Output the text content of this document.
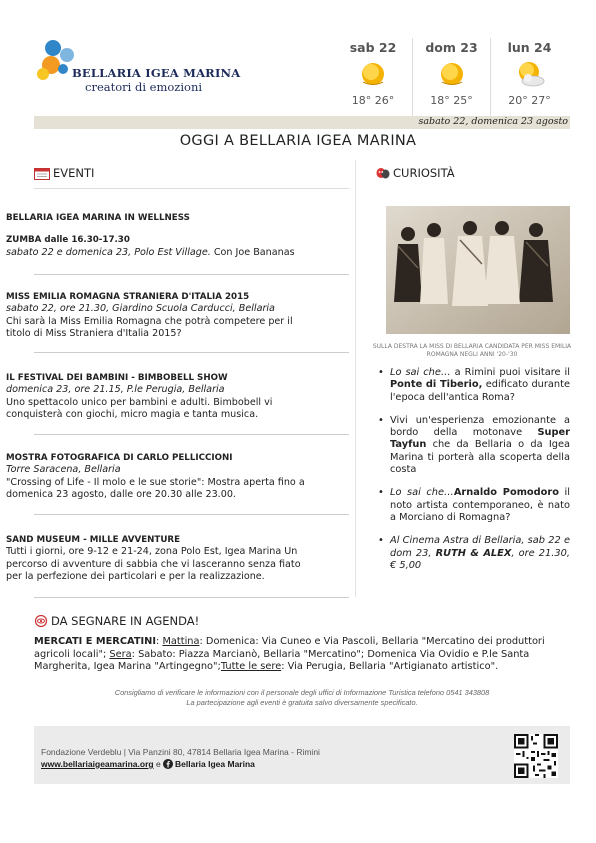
BELLARIA IGEA MARINA
creatori di emozioni
sab 22
18° 26°
dom 23
18° 25°
lun 24
20° 27°
sabato 22, domenica 23 agosto
OGGI A BELLARIA IGEA MARINA
EVENTI
BELLARIA IGEA MARINA IN WELLNESS
ZUMBA dalle 16.30-17.30
sabato 22 e domenica 23, Polo Est Village. Con Joe Bananas
MISS EMILIA ROMAGNA STRANIERA D'ITALIA 2015
sabato 22, ore 21.30, Giardino Scuola Carducci, Bellaria
Chi sarà la Miss Emilia Romagna che potrà competere per il titolo di Miss Straniera d'Italia 2015?
IL FESTIVAL DEI BAMBINI - BIMBOBELL SHOW
domenica 23, ore 21.15, P.le Perugia, Bellaria
Uno spettacolo unico per bambini e adulti. Bimbobell vi conquisterà con giochi, micro magia e tanta musica.
MOSTRA FOTOGRAFICA DI CARLO PELLICCIONI
Torre Saracena, Bellaria
"Crossing of Life - Il molo e le sue storie": Mostra aperta fino a domenica 23 agosto, dalle ore 20.30 alle 23.00.
SAND MUSEUM - MILLE AVVENTURE
Tutti i giorni, ore 9-12 e 21-24, zona Polo Est, Igea Marina Un percorso di avventure di sabbia che vi lasceranno senza fiato per la perfezione dei particolari e per la realizzazione.
CURIOSITÀ
SULLA DESTRA LA MISS DI BELLARIA CANDIDATA PER MISS EMILIA ROMAGNA NEGLI ANNI '20-'30
• Lo sai che… a Rimini puoi visitare il Ponte di Tiberio, edificato durante l'epoca dell'antica Roma?
• Vivi un'esperienza emozionante a bordo della motonave Super Tayfun che da Bellaria o da Igea Marina ti porterà alla scoperta della costa
• Lo sai che…Arnaldo Pomodoro il noto artista contemporaneo, è nato a Morciano di Romagna?
• Al Cinema Astra di Bellaria, sab 22 e dom 23, RUTH & ALEX, ore 21.30, € 5,00
DA SEGNARE IN AGENDA!
MERCATI E MERCATINI: Mattina: Domenica: Via Cuneo e Via Pascoli, Bellaria "Mercatino dei produttori agricoli locali"; Sera: Sabato: Piazza Marcianò, Bellaria "Mercatino"; Domenica Via Ovidio e P.le Santa Margherita, Igea Marina "Artingegno";Tutte le sere: Via Perugia, Bellaria "Artigianato artistico".
Consigliamo di verificare le informazioni con il personale degli uffici di Informazione Turistica telefono 0541 343808
La partecipazione agli eventi è gratuita salvo diversamente specificato.
Fondazione Verdeblu | Via Panzini 80, 47814 Bellaria Igea Marina - Rimini
www.bellariaigeamarina.org e Bellaria Igea Marina
